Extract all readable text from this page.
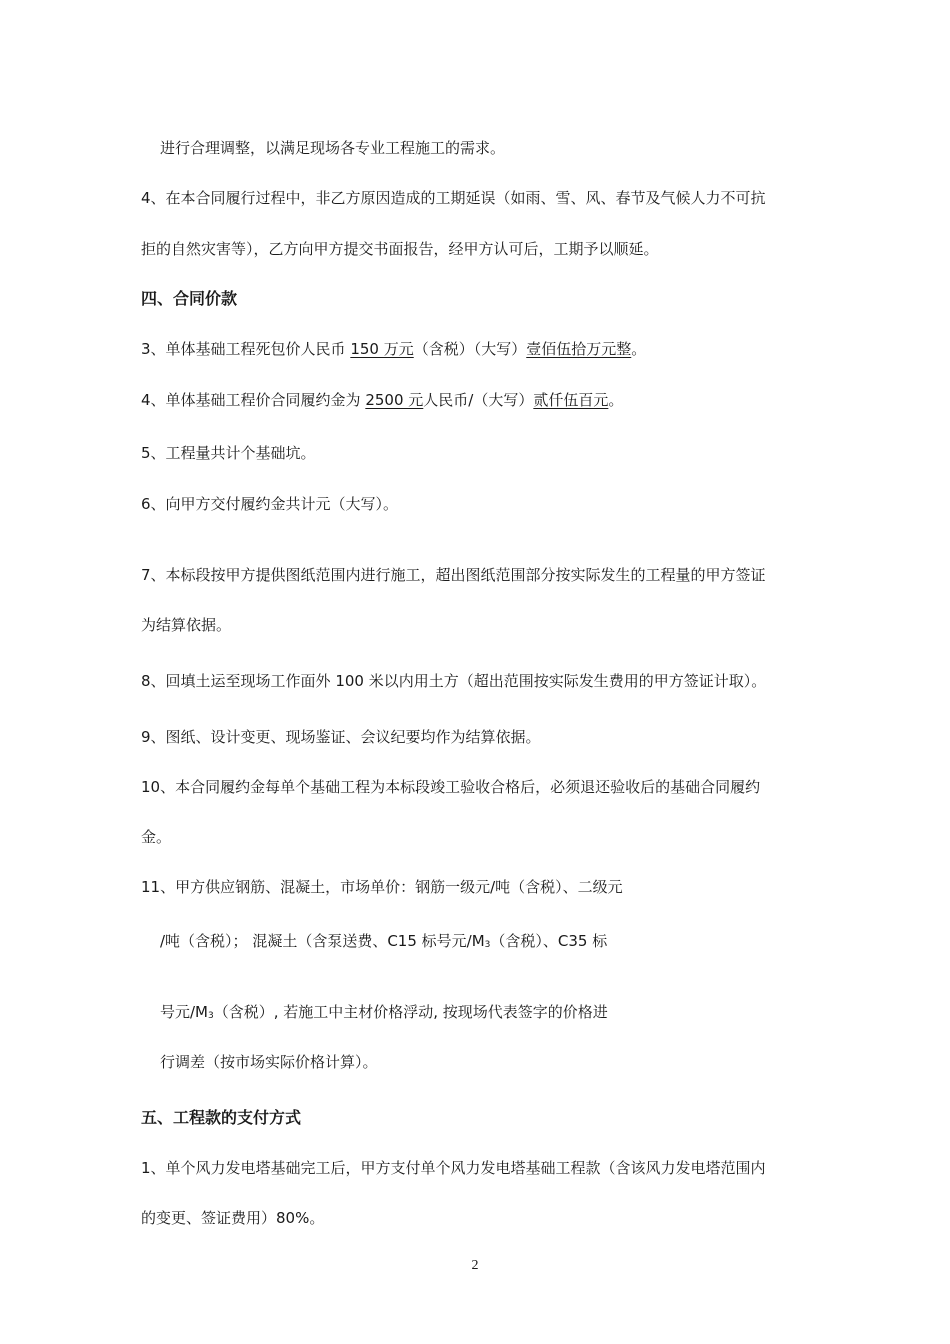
进行合理调整，以满足现场各专业工程施工的需求。
4、在本合同履行过程中，非乙方原因造成的工期延误（如雨、雪、风、春节及气候人力不可抗
拒的自然灾害等），乙方向甲方提交书面报告，经甲方认可后，工期予以顺延。
四、合同价款
3、单体基础工程死包价人民币 150 万元（含税）（大写）壹佰伍拾万元整。
4、单体基础工程价合同履约金为 2500 元人民币/（大写）贰仟伍百元。
5、工程量共计个基础坑。
6、向甲方交付履约金共计元（大写）。
7、本标段按甲方提供图纸范围内进行施工，超出图纸范围部分按实际发生的工程量的甲方签证
为结算依据。
8、回填土运至现场工作面外 100 米以内用土方（超出范围按实际发生费用的甲方签证计取）。
9、图纸、设计变更、现场鉴证、会议纪要均作为结算依据。
10、本合同履约金每单个基础工程为本标段竣工验收合格后，必须退还验收后的基础合同履约
金。
11、甲方供应钢筋、混凝土，市场单价：钢筋一级元/吨（含税）、二级元
/吨（含税）； 混凝土（含泵送费、C15 标号元/M3（含税）、C35 标
号元/M3（含税）, 若施工中主材价格浮动, 按现场代表签字的价格进
行调差（按市场实际价格计算）。
五、工程款的支付方式
1、单个风力发电塔基础完工后，甲方支付单个风力发电塔基础工程款（含该风力发电塔范围内
的变更、签证费用）80%。
2
